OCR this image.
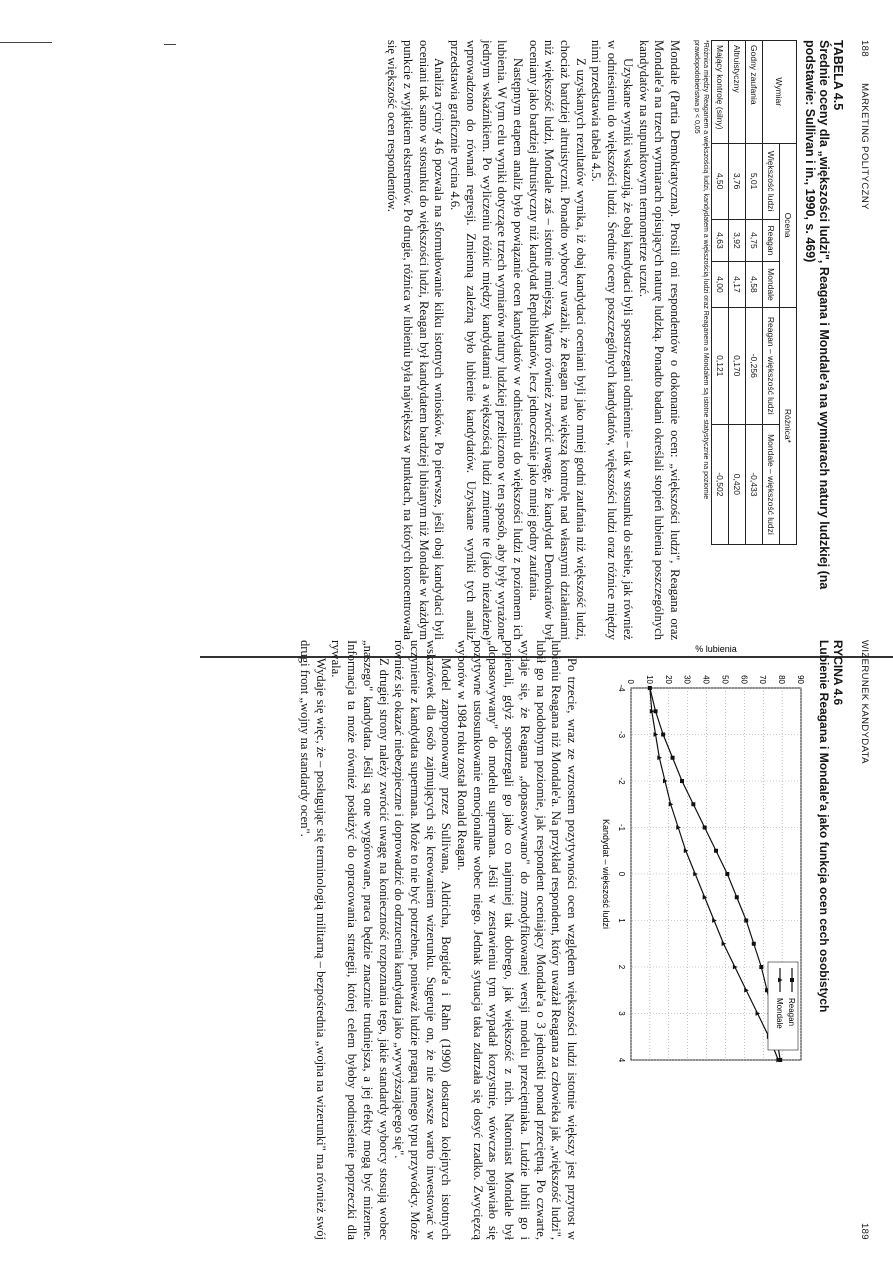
188
MARKETING POLITYCZNY
TABELA 4.5
Średnie oceny dla „większości ludzi", Reagana i Mondale'a na wymiarach natury ludzkiej (na podstawie: Sullivan i in., 1990, s. 469)
Wymiar	Ocena			Różnica*	
	Większość ludzi	Reagan	Mondale	Reagan – większość ludzi	Mondale – większość ludzi
Godny zaufania	5,01	4,75	4,58	-0,256	-0,433
Altruistyczny	3,76	3,92	4,17	0,170	0,420
Mający kontrolę (silny)	4,50	4,63	4,00	0,121	-0,502
*Różnica między Reaganem a większością ludzi, kandydatem a większością ludzi oraz Reaganem a Mondalem są istotne statystycznie na poziomie prawdopodobieństwa p < 0,05

Mondale (Partia Demokratyczna). Prosili oni respondentów o dokonanie ocen: „większości ludzi", Reagana oraz Mondale'a na trzech wymiarach opisujących naturę ludzką. Ponadto badani określali stopień lubienia poszczególnych kandydatów na stupunktowym termometrze uczuć.

Uzyskane wyniki wskazują, że obaj kandydaci byli spostrzegani odmiennie – tak w stosunku do siebie, jak również w odniesieniu do większości ludzi. Średnie oceny poszczególnych kandydatów, większości ludzi oraz różnice między nimi przedstawia tabela 4.5.

Z uzyskanych rezultatów wynika, iż obaj kandydaci oceniani byli jako mniej godni zaufania niż większość ludzi, chociaż bardziej altruistyczni. Ponadto wyborcy uważali, że Reagan ma większą kontrolę nad własnymi działaniami niż większość ludzi, Mondale zaś – istotnie mniejszą. Warto również zwrócić uwagę, że kandydat Demokratów był oceniany jako bardziej altruistyczny niż kandydat Republikanów, lecz jednocześnie jako mniej godny zaufania.

Następnym etapem analiz było powiązanie ocen kandydatów w odniesieniu do większości ludzi z poziomem ich lubienia. W tym celu wyniki dotyczące trzech wymiarów natury ludzkiej przeliczono w ten sposób, aby były wyrażone jednym wskaźnikiem. Po wyliczeniu różnic między kandydatami a większością ludzi zmienne te (jako niezależne) wprowadzono do równań regresji. Zmienną zależną było lubienie kandydatów. Uzyskane wyniki tych analiz przedstawia graficznie rycina 4.6.

Analiza ryciny 4.6 pozwala na sformułowanie kilku istotnych wniosków. Po pierwsze, jeśli obaj kandydaci byli oceniani tak samo w stosunku do większości ludzi, Reagan był kandydatem bardziej lubianym niż Mondale w każdym punkcie z wyjątkiem ekstremów. Po drugie, różnica w lubieniu była największa w punktach, na których koncentrowała się większość ocen respondentów.

WIZERUNEK KANDYDATA
189
RYCINA 4.6
Lubienie Reagana i Mondale'a jako funkcja ocen cech osobistych
0 10 20 30 40 50 60 70 80 90
-4
-3
-2
-1
0
1
2
3
4
Kandydat – większość ludzi
% lubienia
Reagan
Mondale

Po trzecie, wraz ze wzrostem pozytywności ocen względem większości ludzi istotnie większy jest przyrost w lubieniu Reagana niż Mondale'a. Na przykład respondent, który uważał Reagana za człowieka jak „większość ludzi", lubił go na podobnym poziomie, jak respondent oceniający Mondale'a o 3 jednostki ponad przeciętną. Po czwarte, wydaje się, że Reagana „dopasowywano" do zmodyfikowanej wersji modelu przeciętniaka. Ludzie lubili go i popierali, gdyż spostrzegali go jako co najmniej tak dobrego, jak większość z nich. Natomiast Mondale był „dopasowywany" do modelu supermana. Jeśli w zestawieniu tym wypadał korzystnie, wówczas pojawiało się pozytywne ustosunkowanie emocjonalne wobec niego. Jednak sytuacja taka zdarzała się dosyć rzadko. Zwycięzcą wyborów w 1984 roku został Ronald Reagan.

Model zaproponowany przez Sullivana, Aldricha, Borgide'a i Rahn (1990) dostarcza kolejnych istotnych wskazówek dla osób zajmujących się kreowaniem wizerunku. Sugeruje on, że nie zawsze warto inwestować w uczynienie z kandydata supermana. Może to nie być potrzebne, ponieważ ludzie pragną innego typu przywódcy. Może również się okazać niebezpieczne i doprowadzić do odrzucenia kandydata jako „wywyższającego się".

Z drugiej strony należy zwrócić uwagę na konieczność rozpoznania tego, jakie standardy wyborcy stosują wobec „naszego" kandydata. Jeśli są one wygórowane, praca będzie znacznie trudniejsza, a jej efekty mogą być mizerne. Informacja ta może również posłużyć do opracowania strategii, której celem byłoby podniesienie poprzeczki dla rywala.

Wydaje się więc, że – posługując się terminologią militarną – bezpośrednia „wojna na wizerunki" ma również swój drugi front „wojny na standardy ocen".
